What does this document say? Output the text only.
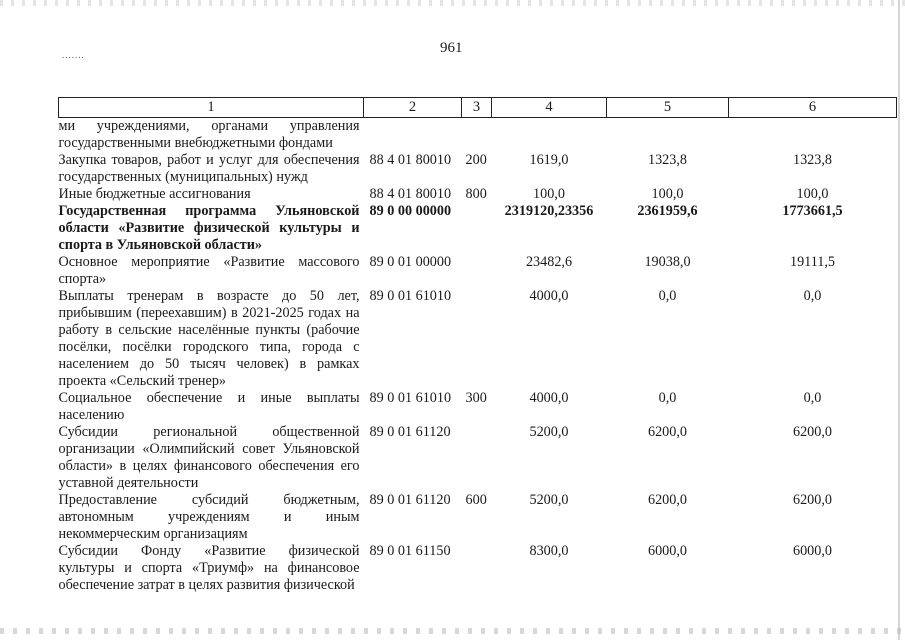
.......	961
1	2	3	4	5	6
ми учреждениями, органами управления государственными внебюджетными фондами					
Закупка товаров, работ и услуг для обеспечения государственных (муниципальных) нужд	88 4 01 80010	200	1619,0	1323,8	1323,8
Иные бюджетные ассигнования	88 4 01 80010	800	100,0	100,0	100,0
Государственная программа Ульяновской области «Развитие физической культуры и спорта в Ульяновской области»	89 0 00 00000		2319120,23356	2361959,6	1773661,5
Основное мероприятие «Развитие массового спорта»	89 0 01 00000		23482,6	19038,0	19111,5
Выплаты тренерам в возрасте до 50 лет, прибывшим (переехавшим) в 2021-2025 годах на работу в сельские населённые пункты (рабочие посёлки, посёлки городского типа, города с населением до 50 тысяч человек) в рамках проекта «Сельский тренер»	89 0 01 61010		4000,0	0,0	0,0
Социальное обеспечение и иные выплаты населению	89 0 01 61010	300	4000,0	0,0	0,0
Субсидии региональной общественной организации «Олимпийский совет Ульяновской области» в целях финансового обеспечения его уставной деятельности	89 0 01 61120		5200,0	6200,0	6200,0
Предоставление субсидий бюджетным, автономным учреждениям и иным некоммерческим организациям	89 0 01 61120	600	5200,0	6200,0	6200,0
Субсидии Фонду «Развитие физической культуры и спорта «Триумф» на финансовое обеспечение затрат в целях развития физической	89 0 01 61150		8300,0	6000,0	6000,0
